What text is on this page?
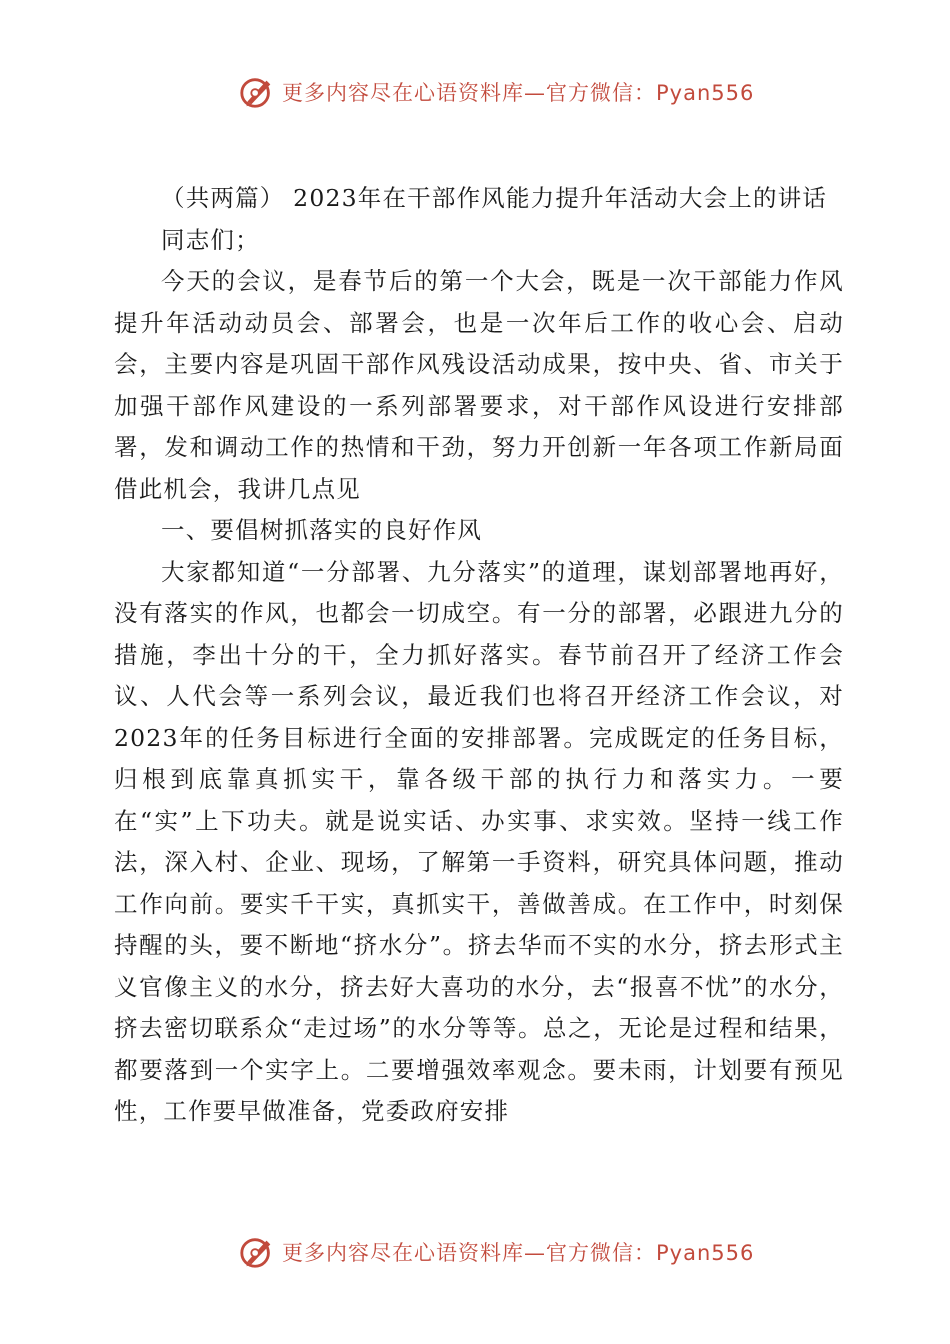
更多内容尽在心语资料库—官方微信：Pyan556

（共两篇） 2023年在干部作风能力提升年活动大会上的讲话

同志们；

今天的会议，是春节后的第一个大会，既是一次干部能力作风提升年活动动员会、部署会，也是一次年后工作的收心会、启动会，主要内容是巩固干部作风残设活动成果，按中央、省、市关于加强干部作风建设的一系列部署要求，对干部作风设进行安排部署，发和调动工作的热情和干劲，努力开创新一年各项工作新局面借此机会，我讲几点见

一、要倡树抓落实的良好作风

大家都知道“一分部署、九分落实”的道理，谋划部署地再好，没有落实的作风，也都会一切成空。有一分的部署，必跟进九分的措施，李出十分的干，全力抓好落实。春节前召开了经济工作会议、人代会等一系列会议，最近我们也将召开经济工作会议，对2023年的任务目标进行全面的安排部署。完成既定的任务目标，归根到底靠真抓实干，靠各级干部的执行力和落实力。一要在“实”上下功夫。就是说实话、办实事、求实效。坚持一线工作法，深入村、企业、现场，了解第一手资料，研究具体问题，推动工作向前。要实千干实，真抓实干，善做善成。在工作中，时刻保持醒的头，要不断地“挤水分”。挤去华而不实的水分，挤去形式主义官像主义的水分，挤去好大喜功的水分，去“报喜不忧”的水分，挤去密切联系众“走过场”的水分等等。总之，无论是过程和结果，都要落到一个实字上。二要增强效率观念。要未雨，计划要有预见性，工作要早做准备，党委政府安排

更多内容尽在心语资料库—官方微信：Pyan556
